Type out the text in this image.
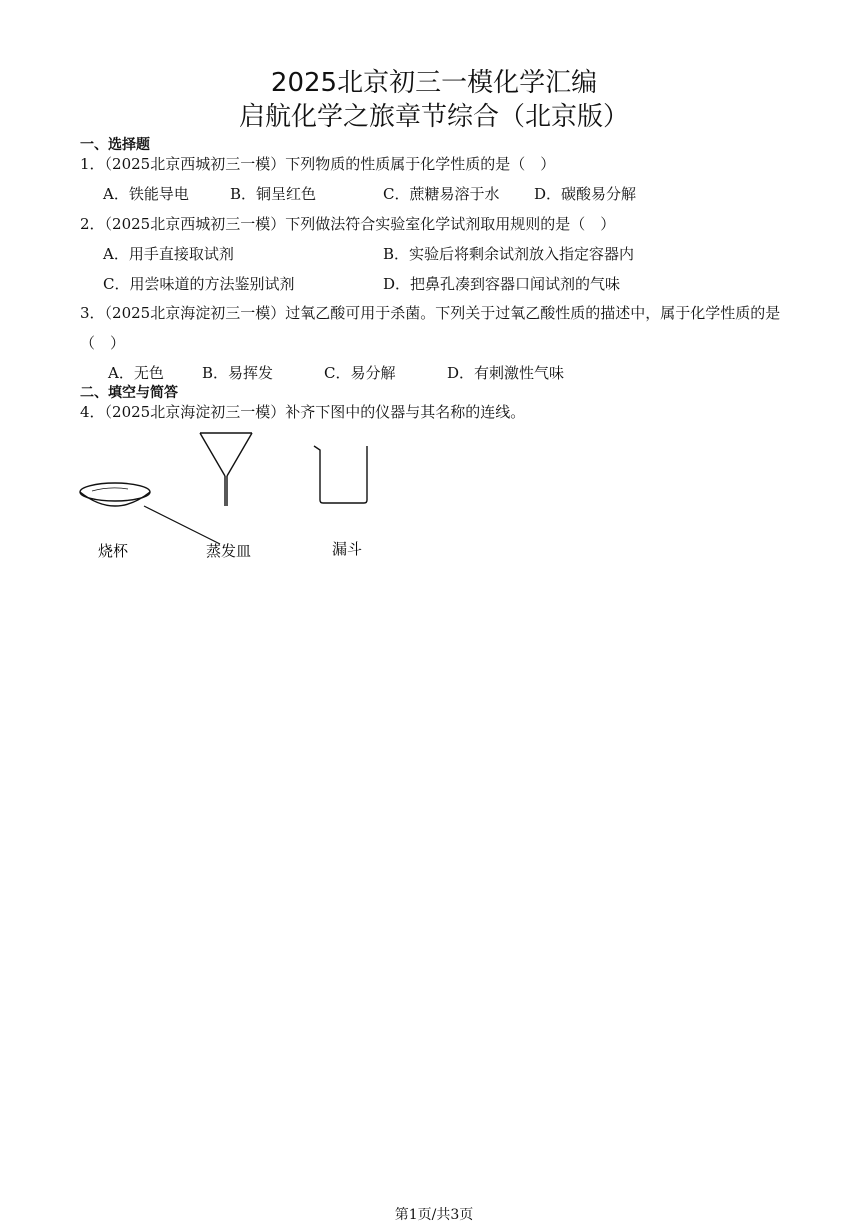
2025北京初三一模化学汇编
启航化学之旅章节综合（北京版）
一、选择题
1．（2025北京西城初三一模）下列物质的性质属于化学性质的是（　）
A．铁能导电	B．铜呈红色	C．蔗糖易溶于水 D．碳酸易分解
2．（2025北京西城初三一模）下列做法符合实验室化学试剂取用规则的是（　）
A．用手直接取试剂	B．实验后将剩余试剂放入指定容器内
C．用尝味道的方法鉴别试剂	D．把鼻孔凑到容器口闻试剂的气味
3．（2025北京海淀初三一模）过氧乙酸可用于杀菌。下列关于过氧乙酸性质的描述中，属于化学性质的是
（　）
A．无色	B．易挥发	C．易分解	D．有刺激性气味
二、填空与简答
4．（2025北京海淀初三一模）补齐下图中的仪器与其名称的连线。
烧杯	蒸发皿	漏斗
第1页/共3页
